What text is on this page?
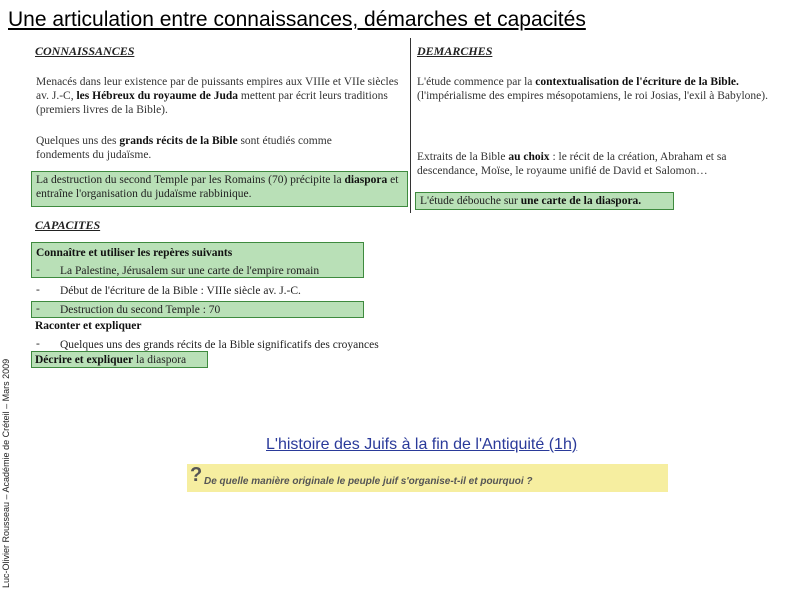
Une articulation entre connaissances, démarches et capacités
Luc-Olivier Rousseau – Académie de Créteil – Mars 2009
CONNAISSANCES
Menacés dans leur existence par de puissants empires aux VIIIe et VIIe siècles av. J.-C, les Hébreux du royaume de Juda mettent par écrit leurs traditions (premiers livres de la Bible).
Quelques uns des grands récits de la Bible sont étudiés comme fondements du judaïsme.
La destruction du second Temple par les Romains (70) précipite la diaspora et entraîne l'organisation du judaïsme rabbinique.
DEMARCHES
L'étude commence par la contextualisation de l'écriture de la Bible. (l'impérialisme des empires mésopotamiens, le roi Josias, l'exil à Babylone).
Extraits de la Bible au choix : le récit de la création, Abraham et sa descendance, Moïse, le royaume unifié de David et Salomon…
L'étude débouche sur une carte de la diaspora.
CAPACITES
Connaître et utiliser les repères suivants
- La Palestine, Jérusalem sur une carte de l'empire romain
- Début de l'écriture de la Bible : VIIIe siècle av. J.-C.
- Destruction du second Temple : 70
Raconter et expliquer
- Quelques uns des grands récits de la Bible significatifs des croyances
Décrire et expliquer la diaspora
L'histoire des Juifs à la fin de l'Antiquité (1h)
? De quelle manière originale le peuple juif s'organise-t-il et pourquoi ?
